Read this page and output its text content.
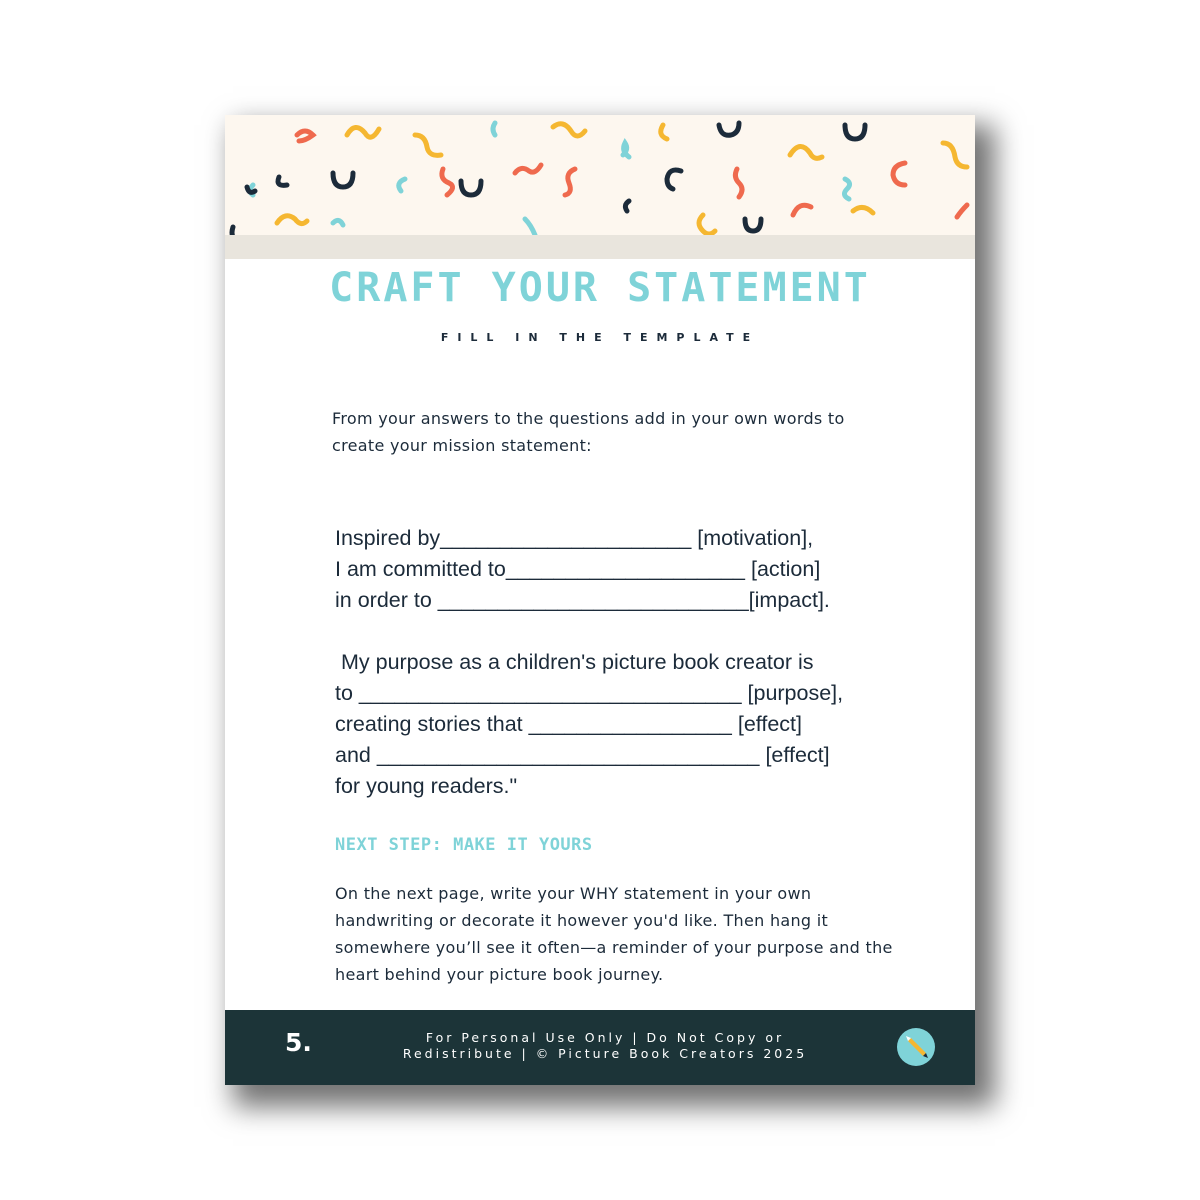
CRAFT YOUR STATEMENT
FILL IN THE TEMPLATE
From your answers to the questions add in your own words to create your mission statement:
Inspired by_____________________ [motivation],
I am committed to____________________ [action]
in order to __________________________[impact].
My purpose as a children's picture book creator is
to ________________________________ [purpose],
creating stories that _________________ [effect]
and ________________________________ [effect]
for young readers."
NEXT STEP: MAKE IT YOURS
On the next page, write your WHY statement in your own handwriting or decorate it however you'd like. Then hang it somewhere you’ll see it often—a reminder of your purpose and the heart behind your picture book journey.
5.	For Personal Use Only | Do Not Copy or Redistribute | © Picture Book Creators 2025
